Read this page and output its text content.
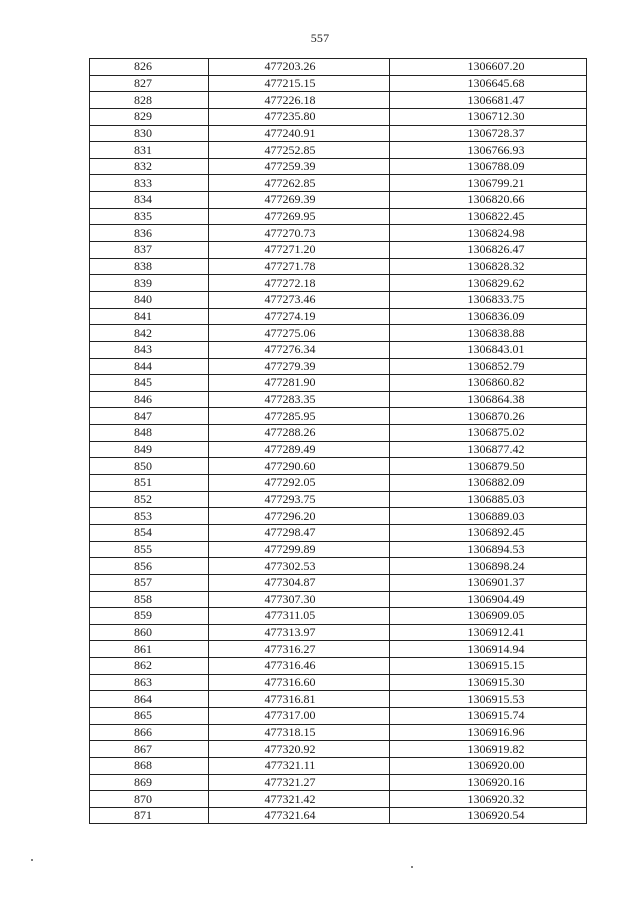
557
826	477203.26	1306607.20
827	477215.15	1306645.68
828	477226.18	1306681.47
829	477235.80	1306712.30
830	477240.91	1306728.37
831	477252.85	1306766.93
832	477259.39	1306788.09
833	477262.85	1306799.21
834	477269.39	1306820.66
835	477269.95	1306822.45
836	477270.73	1306824.98
837	477271.20	1306826.47
838	477271.78	1306828.32
839	477272.18	1306829.62
840	477273.46	1306833.75
841	477274.19	1306836.09
842	477275.06	1306838.88
843	477276.34	1306843.01
844	477279.39	1306852.79
845	477281.90	1306860.82
846	477283.35	1306864.38
847	477285.95	1306870.26
848	477288.26	1306875.02
849	477289.49	1306877.42
850	477290.60	1306879.50
851	477292.05	1306882.09
852	477293.75	1306885.03
853	477296.20	1306889.03
854	477298.47	1306892.45
855	477299.89	1306894.53
856	477302.53	1306898.24
857	477304.87	1306901.37
858	477307.30	1306904.49
859	477311.05	1306909.05
860	477313.97	1306912.41
861	477316.27	1306914.94
862	477316.46	1306915.15
863	477316.60	1306915.30
864	477316.81	1306915.53
865	477317.00	1306915.74
866	477318.15	1306916.96
867	477320.92	1306919.82
868	477321.11	1306920.00
869	477321.27	1306920.16
870	477321.42	1306920.32
871	477321.64	1306920.54
